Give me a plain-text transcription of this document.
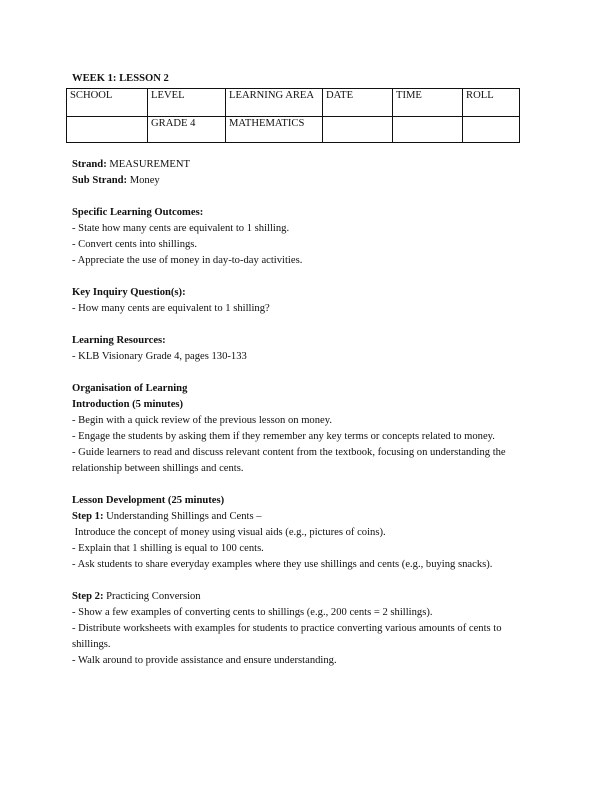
WEEK 1: LESSON 2
SCHOOL	LEVEL	LEARNING AREA	DATE	TIME	ROLL
	GRADE 4	MATHEMATICS			
Strand: MEASUREMENT
Sub Strand: Money
Specific Learning Outcomes:
- State how many cents are equivalent to 1 shilling.
- Convert cents into shillings.
- Appreciate the use of money in day-to-day activities.
Key Inquiry Question(s):
- How many cents are equivalent to 1 shilling?
Learning Resources:
- KLB Visionary Grade 4, pages 130-133
Organisation of Learning
Introduction (5 minutes)
- Begin with a quick review of the previous lesson on money.
- Engage the students by asking them if they remember any key terms or concepts related to money.
- Guide learners to read and discuss relevant content from the textbook, focusing on understanding the relationship between shillings and cents.
Lesson Development (25 minutes)
Step 1: Understanding Shillings and Cents –
Introduce the concept of money using visual aids (e.g., pictures of coins).
- Explain that 1 shilling is equal to 100 cents.
- Ask students to share everyday examples where they use shillings and cents (e.g., buying snacks).
Step 2: Practicing Conversion
- Show a few examples of converting cents to shillings (e.g., 200 cents = 2 shillings).
- Distribute worksheets with examples for students to practice converting various amounts of cents to shillings.
- Walk around to provide assistance and ensure understanding.
